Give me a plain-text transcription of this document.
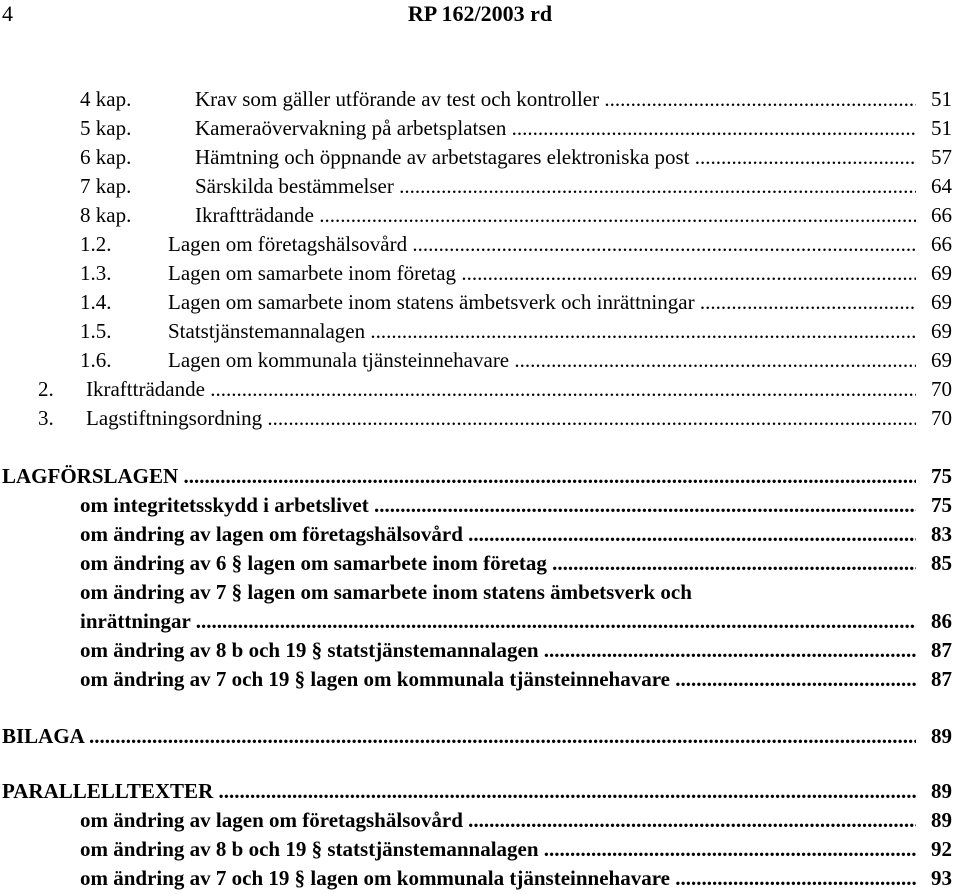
4	RP 162/2003 rd
4 kap.	Krav som gäller utförande av test och kontroller .....	51
5 kap.	Kameraövervakning på arbetsplatsen .....	51
6 kap.	Hämtning och öppnande av arbetstagares elektroniska post .....	57
7 kap.	Särskilda bestämmelser .....	64
8 kap.	Ikraftträdande .....	66
1.2.	Lagen om företagshälsovård .....	66
1.3.	Lagen om samarbete inom företag .....	69
1.4.	Lagen om samarbete inom statens ämbetsverk och inrättningar .....	69
1.5.	Statstjänstemannalagen .....	69
1.6.	Lagen om kommunala tjänsteinnehavare .....	69
2. Ikraftträdande .....	70
3. Lagstiftningsordning .....	70
LAGFÖRSLAGEN .....	75
om integritetsskydd i arbetslivet .....	75
om ändring av lagen om företagshälsovård .....	83
om ändring av 6 § lagen om samarbete inom företag .....	85
om ändring av 7 § lagen om samarbete inom statens ämbetsverk och
inrättningar .....	86
om ändring av 8 b och 19 § statstjänstemannalagen .....	87
om ändring av 7 och 19 § lagen om kommunala tjänsteinnehavare .....	87
BILAGA .....	89
PARALLELLTEXTER .....	89
om ändring av lagen om företagshälsovård .....	89
om ändring av 8 b och 19 § statstjänstemannalagen .....	92
om ändring av 7 och 19 § lagen om kommunala tjänsteinnehavare .....	93
